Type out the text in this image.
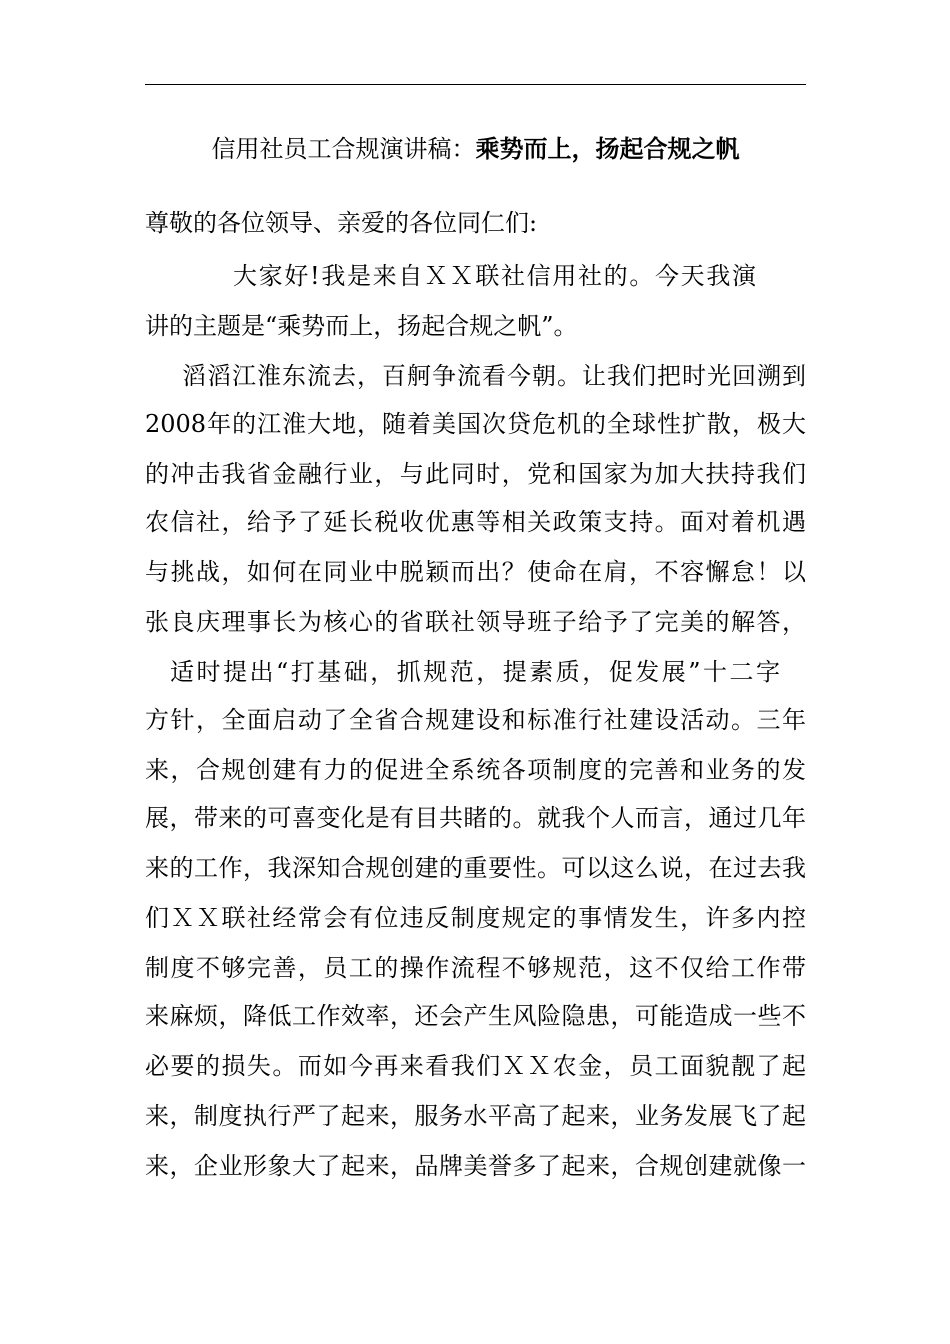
信用社员工合规演讲稿：乘势而上，扬起合规之帆
尊敬的各位领导、亲爱的各位同仁们:
大家好!我是来自ＸＸ联社信用社的。今天我演
讲的主题是“乘势而上，扬起合规之帆”。
滔滔江淮东流去，百舸争流看今朝。让我们把时光回溯到
2008年的江淮大地，随着美国次贷危机的全球性扩散，极大
的冲击我省金融行业，与此同时，党和国家为加大扶持我们
农信社，给予了延长税收优惠等相关政策支持。面对着机遇
与挑战，如何在同业中脱颖而出？使命在肩，不容懈怠！以
张良庆理事长为核心的省联社领导班子给予了完美的解答，
适时提出“打基础，抓规范，提素质，促发展”十二字
方针，全面启动了全省合规建设和标准行社建设活动。三年
来，合规创建有力的促进全系统各项制度的完善和业务的发
展，带来的可喜变化是有目共睹的。就我个人而言，通过几年
来的工作，我深知合规创建的重要性。可以这么说，在过去我
们ＸＸ联社经常会有位违反制度规定的事情发生，许多内控
制度不够完善，员工的操作流程不够规范，这不仅给工作带
来麻烦，降低工作效率，还会产生风险隐患，可能造成一些不
必要的损失。而如今再来看我们ＸＸ农金，员工面貌靓了起
来，制度执行严了起来，服务水平高了起来，业务发展飞了起
来，企业形象大了起来，品牌美誉多了起来，合规创建就像一
